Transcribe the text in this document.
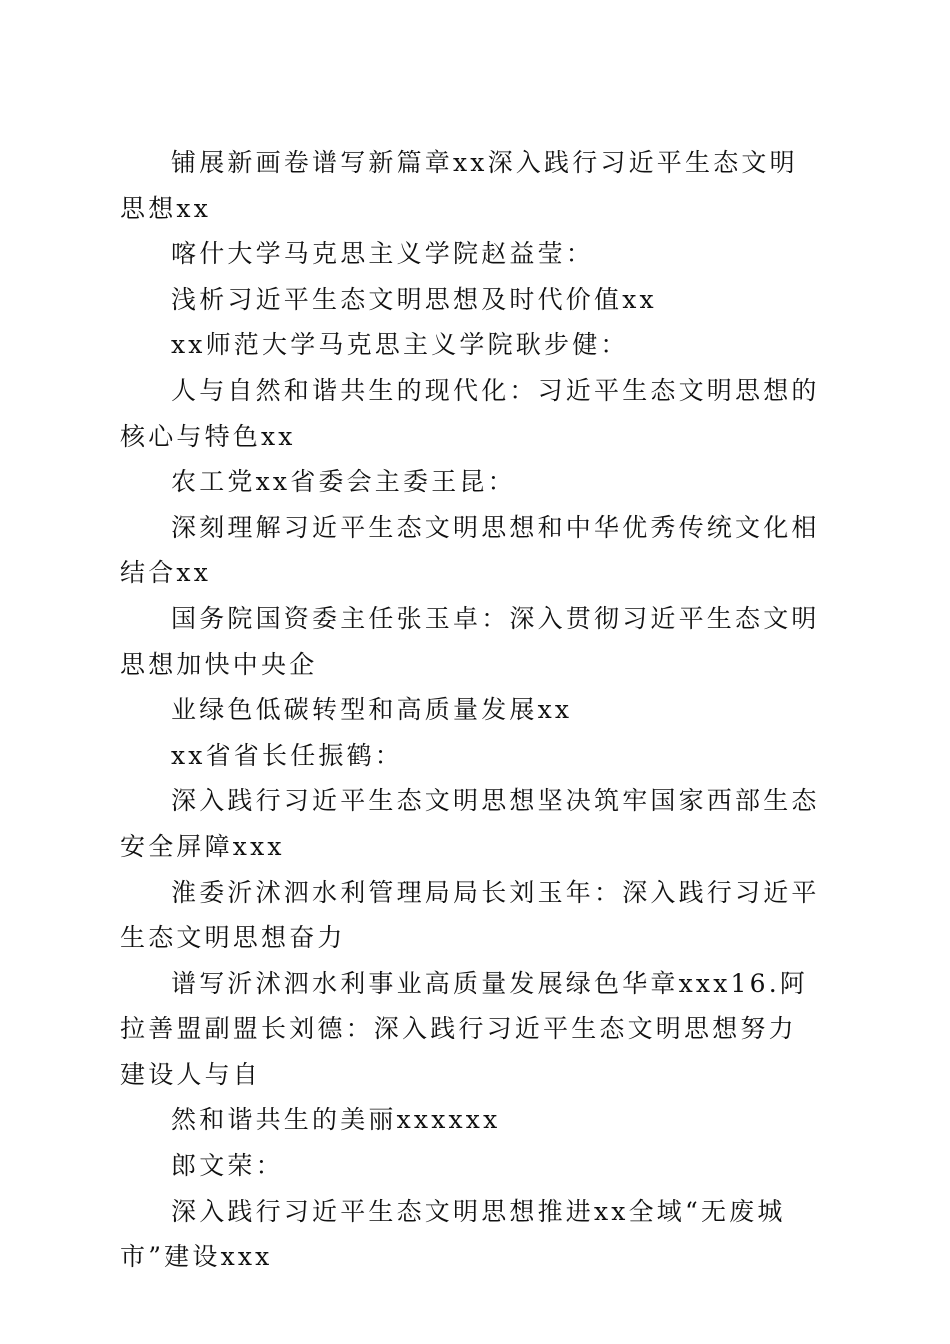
铺展新画卷谱写新篇章xx深入践行习近平生态文明思想xx

喀什大学马克思主义学院赵益莹：

浅析习近平生态文明思想及时代价值xx

xx师范大学马克思主义学院耿步健：

人与自然和谐共生的现代化：习近平生态文明思想的核心与特色xx

农工党xx省委会主委王昆：

深刻理解习近平生态文明思想和中华优秀传统文化相结合xx

国务院国资委主任张玉卓：深入贯彻习近平生态文明思想加快中央企

业绿色低碳转型和高质量发展xx

xx省省长任振鹤：

深入践行习近平生态文明思想坚决筑牢国家西部生态安全屏障xxx

淮委沂沭泗水利管理局局长刘玉年：深入践行习近平生态文明思想奋力

谱写沂沭泗水利事业高质量发展绿色华章xxx16.阿拉善盟副盟长刘德：深入践行习近平生态文明思想努力建设人与自

然和谐共生的美丽xxxxxx

郎文荣：

深入践行习近平生态文明思想推进xx全域“无废城市”建设xxx
